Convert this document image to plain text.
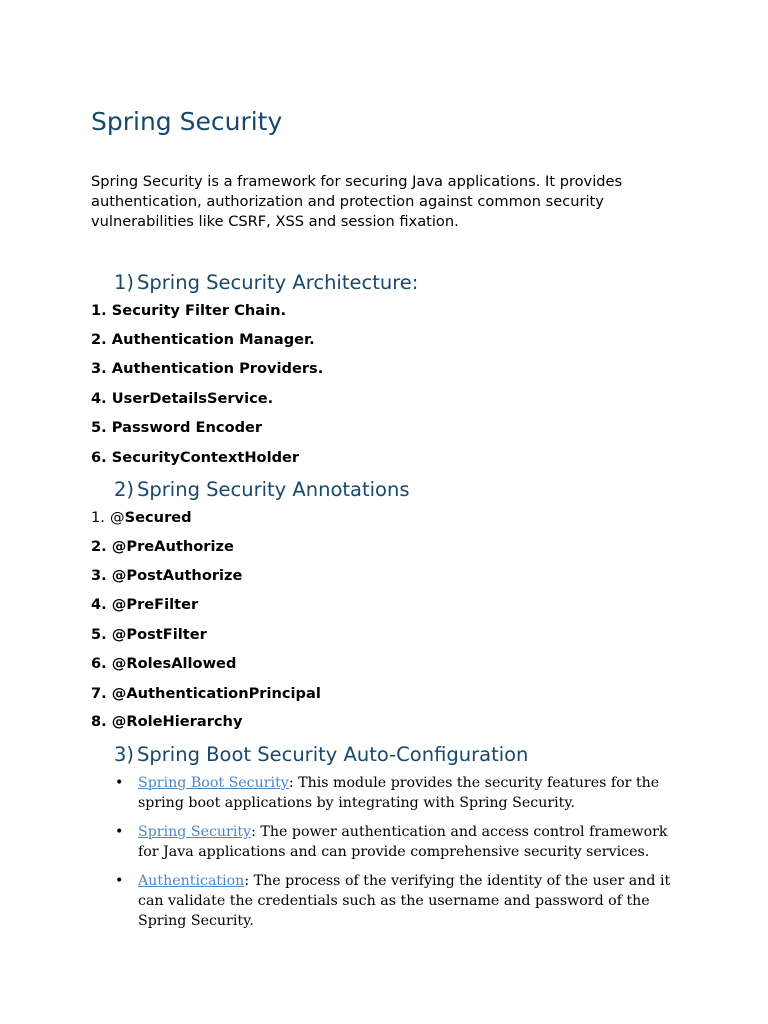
Spring Security

Spring Security is a framework for securing Java applications. It provides authentication, authorization and protection against common security vulnerabilities like CSRF, XSS and session fixation.

1) Spring Security Architecture:
1. Security Filter Chain.
2. Authentication Manager.
3. Authentication Providers.
4. UserDetailsService.
5. Password Encoder
6. SecurityContextHolder
2) Spring Security Annotations
1. @Secured
2. @PreAuthorize
3. @PostAuthorize
4. @PreFilter
5. @PostFilter
6. @RolesAllowed
7. @AuthenticationPrincipal
8. @RoleHierarchy
3) Spring Boot Security Auto-Configuration
• Spring Boot Security: This module provides the security features for the spring boot applications by integrating with Spring Security.
• Spring Security: The power authentication and access control framework for Java applications and can provide comprehensive security services.
• Authentication: The process of the verifying the identity of the user and it can validate the credentials such as the username and password of the Spring Security.
